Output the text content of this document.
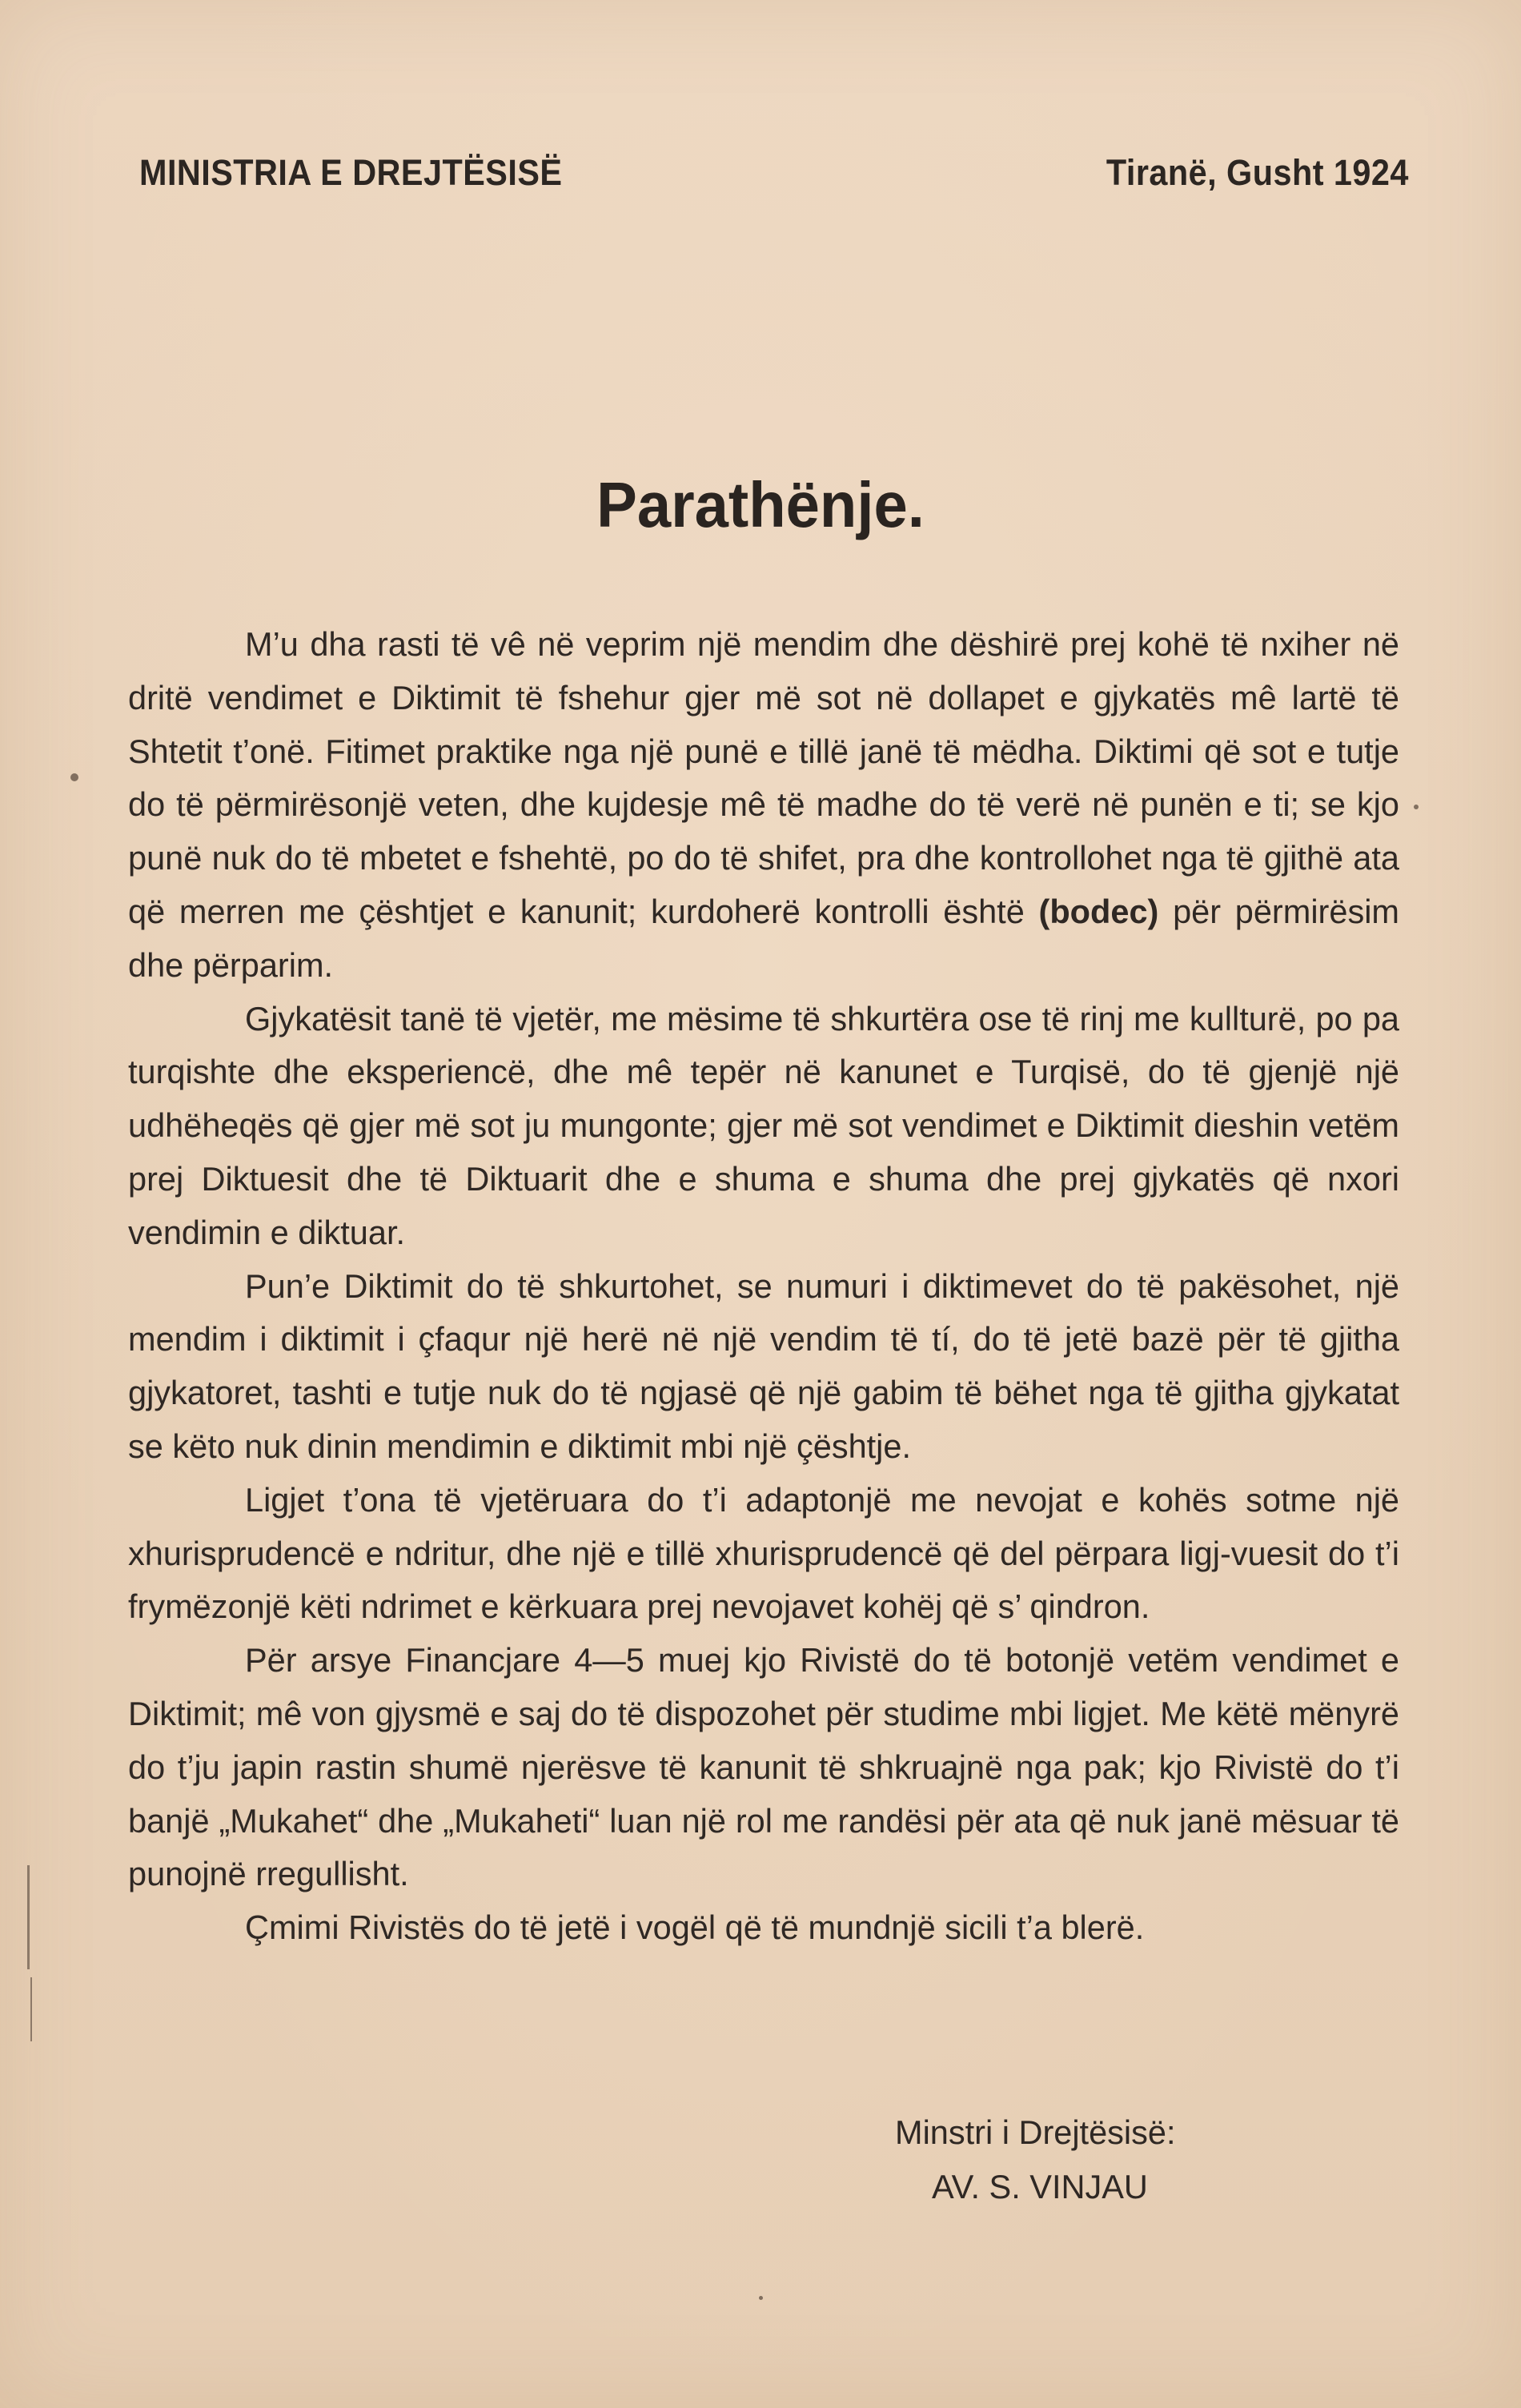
MINISTRIA E DREJTËSISË	Tiranë, Gusht 1924
Parathënje.

M’u dha rasti të vê në veprim një mendim dhe dëshirë prej kohë të nxiher në dritë vendimet e Diktimit të fshehur gjer më sot në dollapet e gjykatës mê lartë të Shtetit t’onë. Fitimet praktike nga një punë e tillë janë të mëdha. Diktimi që sot e tutje do të përmirësonjë veten, dhe kujdesje mê të madhe do të verë në punën e ti; se kjo punë nuk do të mbetet e fshehtë, po do të shifet, pra dhe kontrollohet nga të gjithë ata që merren me çështjet e kanunit; kurdoherë kontrolli është (bodec) për përmirësim dhe përparim.

Gjykatësit tanë të vjetër, me mësime të shkurtëra ose të rinj me kullturë, po pa turqishte dhe eksperiencë, dhe mê tepër në kanunet e Turqisë, do të gjenjë një udhëheqës që gjer më sot ju mungonte; gjer më sot vendimet e Diktimit dieshin vetëm prej Diktuesit dhe të Diktuarit dhe e shuma e shuma dhe prej gjykatës që nxori vendimin e diktuar.

Pun’e Diktimit do të shkurtohet, se numuri i diktimevet do të pakësohet, një mendim i diktimit i çfaqur një herë në një vendim të tí, do të jetë bazë për të gjitha gjykatoret, tashti e tutje nuk do të ngjasë që një gabim të bëhet nga të gjitha gjykatat se këto nuk dinin mendimin e diktimit mbi një çështje.

Ligjet t’ona të vjetëruara do t’i adaptonjë me nevojat e kohës sotme një xhurisprudencë e ndritur, dhe një e tillë xhurisprudencë që del përpara ligj-vuesit do t’i frymëzonjë këti ndrimet e kërkuara prej nevojavet kohëj që s’ qindron.

Për arsye Financjare 4—5 muej kjo Rivistë do të botonjë vetëm vendimet e Diktimit; mê von gjysmë e saj do të dispozohet për studime mbi ligjet. Me këtë mënyrë do t’ju japin rastin shumë njerësve të kanunit të shkruajnë nga pak; kjo Rivistë do t’i banjë „Mukahet“ dhe „Mukaheti“ luan një rol me randësi për ata që nuk janë mësuar të punojnë rregullisht.

Çmimi Rivistës do të jetë i vogël që të mundnjë sicili t’a blerë.

Minstri i Drejtësisë:
AV. S. VINJAU
